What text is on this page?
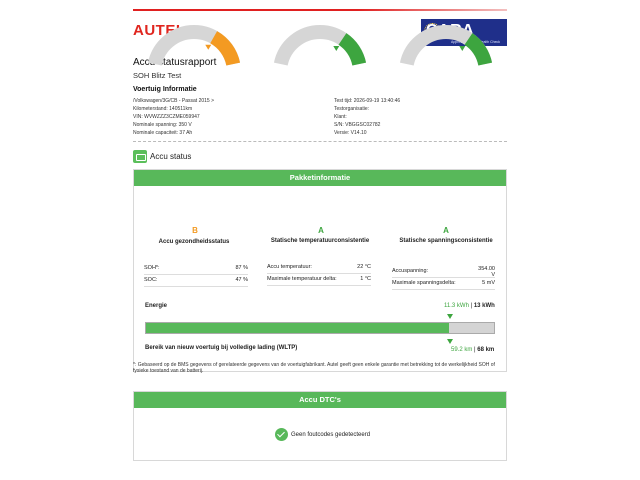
AUTEL	CARA
Approved Battery Health Check
Accu statusrapport
SOH Blitz Test
Voertuig Informatie
/Volkswagen/3G/CB - Passat 2015 >
Kilometerstand: 140511km
VIN: WVWZZZ3CZME059947
Nominale spanning: 350 V
Nominale capaciteit: 37 Ah
Test tijd: 2026-09-19 13:40:46
Testorganisatie:
Klant:
S/N: VBGGSC02782
Versie: V14.10
Accu status
Pakketinformatie
B
Accu gezondheidsstatus
A
Statische temperatuurconsistentie
A
Statische spanningsconsistentie
SOH*:	87 %
SOC:	47 %
Accu temperatuur:	22 °C
Maximale temperatuur delta:	1 °C
Accuspanning:	354.00 V
Maximale spanningsdelta:	5 mV
Energie	11.3 kWh | 13 kWh
Bereik van nieuw voertuig bij volledige lading (WLTP)	59.2 km | 68 km
*: Gebaseerd op de BMS gegevens of gerelateerde gegevens van de voertuigfabrikant. Autel geeft geen enkele garantie met betrekking tot de werkelijkheid SOH of fysieke toestand van de batterij.
Accu DTC's
Geen foutcodes gedetecteerd
